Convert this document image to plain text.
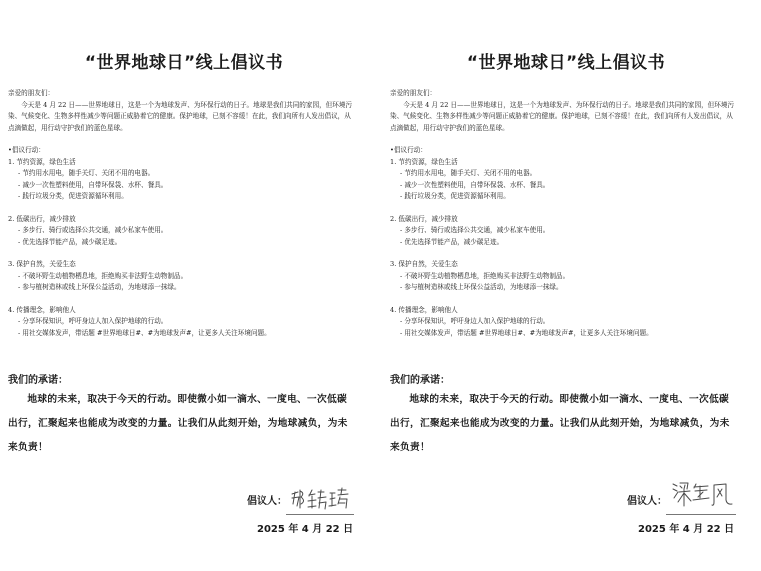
“世界地球日”线上倡议书

亲爱的朋友们：

今天是 4 月 22 日——世界地球日，这是一个为地球发声、为环保行动的日子。地球是我们共同的家园，但环境污染、气候变化、生物多样性减少等问题正威胁着它的健康。保护地球，已刻不容缓！在此，我们向所有人发出倡议，从点滴做起，用行动守护我们的蓝色星球。

•倡议行动：

1. 节约资源，绿色生活

- 节约用水用电，随手关灯、关闭不用的电器。

- 减少一次性塑料使用，自带环保袋、水杯、餐具。

- 践行垃圾分类，促进资源循环利用。

2. 低碳出行，减少排放

- 多步行、骑行或选择公共交通，减少私家车使用。

- 优先选择节能产品，减少碳足迹。

3. 保护自然，关爱生态

- 不破坏野生动植物栖息地，拒绝购买非法野生动物制品。

- 参与植树造林或线上环保公益活动，为地球添一抹绿。

4. 传播理念，影响他人

- 分享环保知识，呼吁身边人加入保护地球的行动。

- 用社交媒体发声，带话题 #世界地球日#、#为地球发声#，让更多人关注环境问题。

我们的承诺：

地球的未来，取决于今天的行动。即使微小如一滴水、一度电、一次低碳出行，汇聚起来也能成为改变的力量。让我们从此刻开始，为地球减负，为未来负责！

倡议人：
2025 年 4 月 22 日
“世界地球日”线上倡议书

亲爱的朋友们：

今天是 4 月 22 日——世界地球日，这是一个为地球发声、为环保行动的日子。地球是我们共同的家园，但环境污染、气候变化、生物多样性减少等问题正威胁着它的健康。保护地球，已刻不容缓！在此，我们向所有人发出倡议，从点滴做起，用行动守护我们的蓝色星球。

•倡议行动：

1. 节约资源，绿色生活

- 节约用水用电，随手关灯、关闭不用的电器。

- 减少一次性塑料使用，自带环保袋、水杯、餐具。

- 践行垃圾分类，促进资源循环利用。

2. 低碳出行，减少排放

- 多步行、骑行或选择公共交通，减少私家车使用。

- 优先选择节能产品，减少碳足迹。

3. 保护自然，关爱生态

- 不破坏野生动植物栖息地，拒绝购买非法野生动物制品。

- 参与植树造林或线上环保公益活动，为地球添一抹绿。

4. 传播理念，影响他人

- 分享环保知识，呼吁身边人加入保护地球的行动。

- 用社交媒体发声，带话题 #世界地球日#、#为地球发声#，让更多人关注环境问题。

我们的承诺：

地球的未来，取决于今天的行动。即使微小如一滴水、一度电、一次低碳出行，汇聚起来也能成为改变的力量。让我们从此刻开始，为地球减负，为未来负责！

倡议人：
2025 年 4 月 22 日
